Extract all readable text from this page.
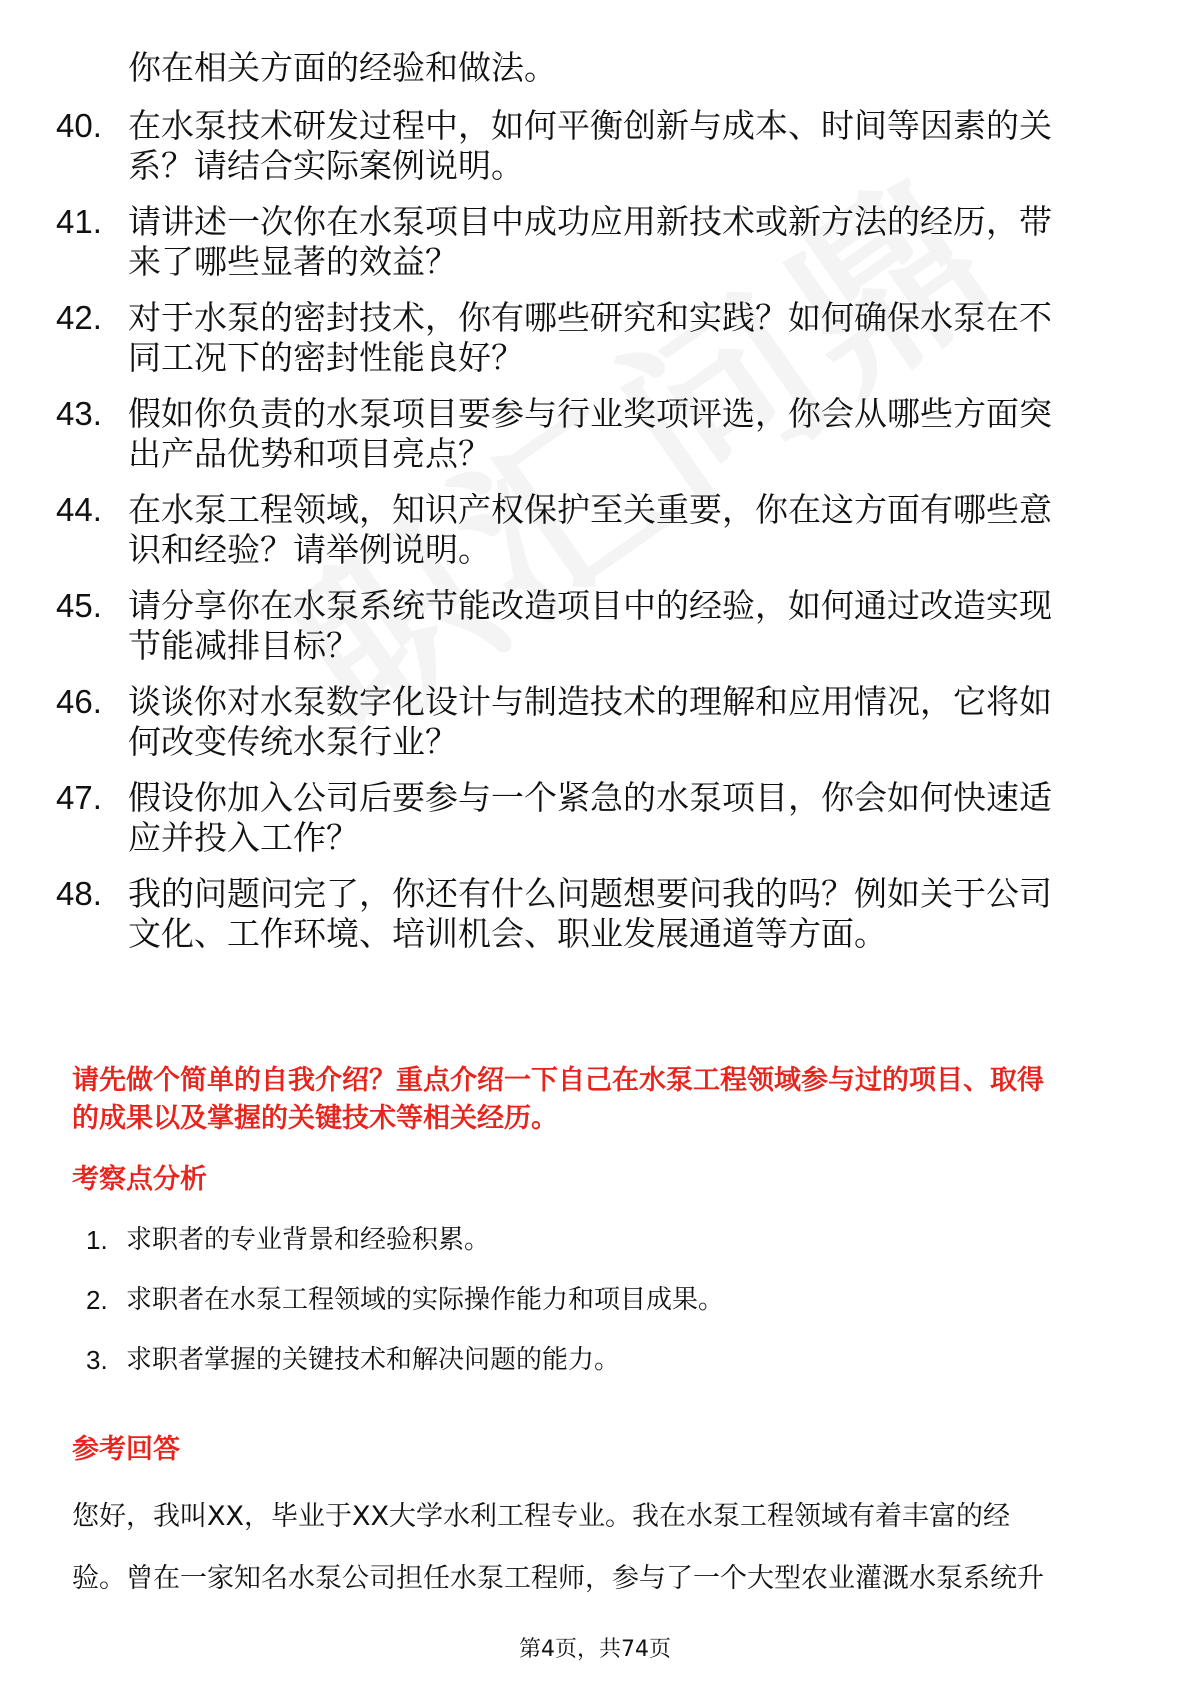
你在相关方面的经验和做法。
40. 在水泵技术研发过程中，如何平衡创新与成本、时间等因素的关
系？请结合实际案例说明。
41. 请讲述一次你在水泵项目中成功应用新技术或新方法的经历，带
来了哪些显著的效益？
42. 对于水泵的密封技术，你有哪些研究和实践？如何确保水泵在不
同工况下的密封性能良好？
43. 假如你负责的水泵项目要参与行业奖项评选，你会从哪些方面突
出产品优势和项目亮点？
44. 在水泵工程领域，知识产权保护至关重要，你在这方面有哪些意
识和经验？请举例说明。
45. 请分享你在水泵系统节能改造项目中的经验，如何通过改造实现
节能减排目标？
46. 谈谈你对水泵数字化设计与制造技术的理解和应用情况，它将如
何改变传统水泵行业？
47. 假设你加入公司后要参与一个紧急的水泵项目，你会如何快速适
应并投入工作？
48. 我的问题问完了，你还有什么问题想要问我的吗？例如关于公司
文化、工作环境、培训机会、职业发展通道等方面。
请先做个简单的自我介绍？重点介绍一下自己在水泵工程领域参与过的项目、取得
的成果以及掌握的关键技术等相关经历。
考察点分析
1. 求职者的专业背景和经验积累。
2. 求职者在水泵工程领域的实际操作能力和项目成果。
3. 求职者掌握的关键技术和解决问题的能力。
参考回答
您好，我叫XX，毕业于XX大学水利工程专业。我在水泵工程领域有着丰富的经
验。曾在一家知名水泵公司担任水泵工程师，参与了一个大型农业灌溉水泵系统升
第4页，共74页
